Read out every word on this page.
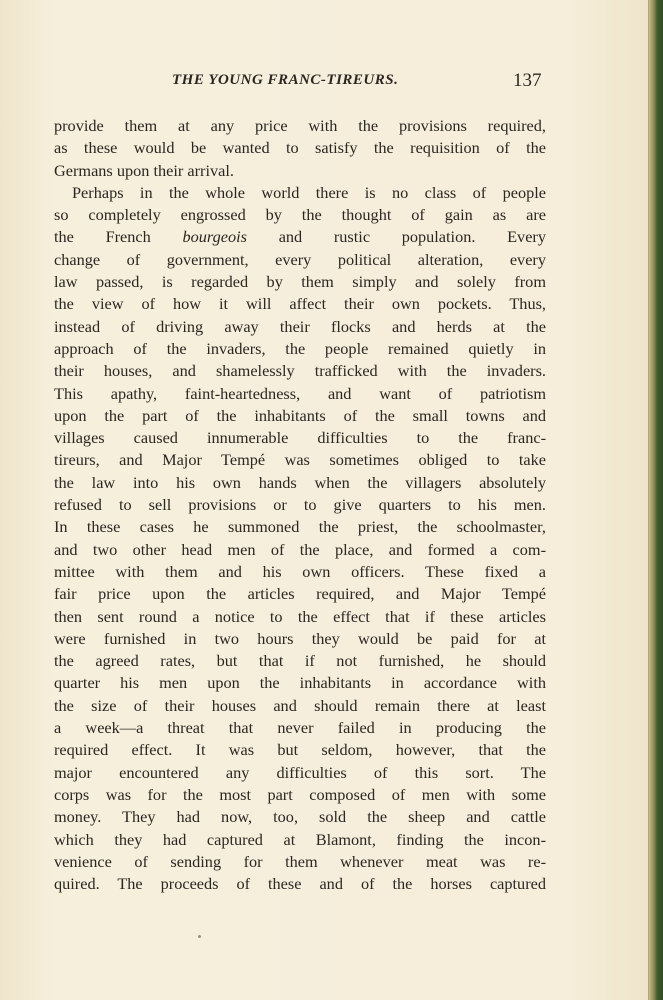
THE YOUNG FRANC-TIREURS.	137
provide them at any price with the provisions required,
as these would be wanted to satisfy the requisition of the
Germans upon their arrival.
Perhaps in the whole world there is no class of people
so completely engrossed by the thought of gain as are
the French bourgeois and rustic population. Every
change of government, every political alteration, every
law passed, is regarded by them simply and solely from
the view of how it will affect their own pockets. Thus,
instead of driving away their flocks and herds at the
approach of the invaders, the people remained quietly in
their houses, and shamelessly trafficked with the invaders.
This apathy, faint-heartedness, and want of patriotism
upon the part of the inhabitants of the small towns and
villages caused innumerable difficulties to the franc-
tireurs, and Major Tempé was sometimes obliged to take
the law into his own hands when the villagers absolutely
refused to sell provisions or to give quarters to his men.
In these cases he summoned the priest, the schoolmaster,
and two other head men of the place, and formed a com-
mittee with them and his own officers. These fixed a
fair price upon the articles required, and Major Tempé
then sent round a notice to the effect that if these articles
were furnished in two hours they would be paid for at
the agreed rates, but that if not furnished, he should
quarter his men upon the inhabitants in accordance with
the size of their houses and should remain there at least
a week—a threat that never failed in producing the
required effect. It was but seldom, however, that the
major encountered any difficulties of this sort. The
corps was for the most part composed of men with some
money. They had now, too, sold the sheep and cattle
which they had captured at Blamont, finding the incon-
venience of sending for them whenever meat was re-
quired. The proceeds of these and of the horses captured
